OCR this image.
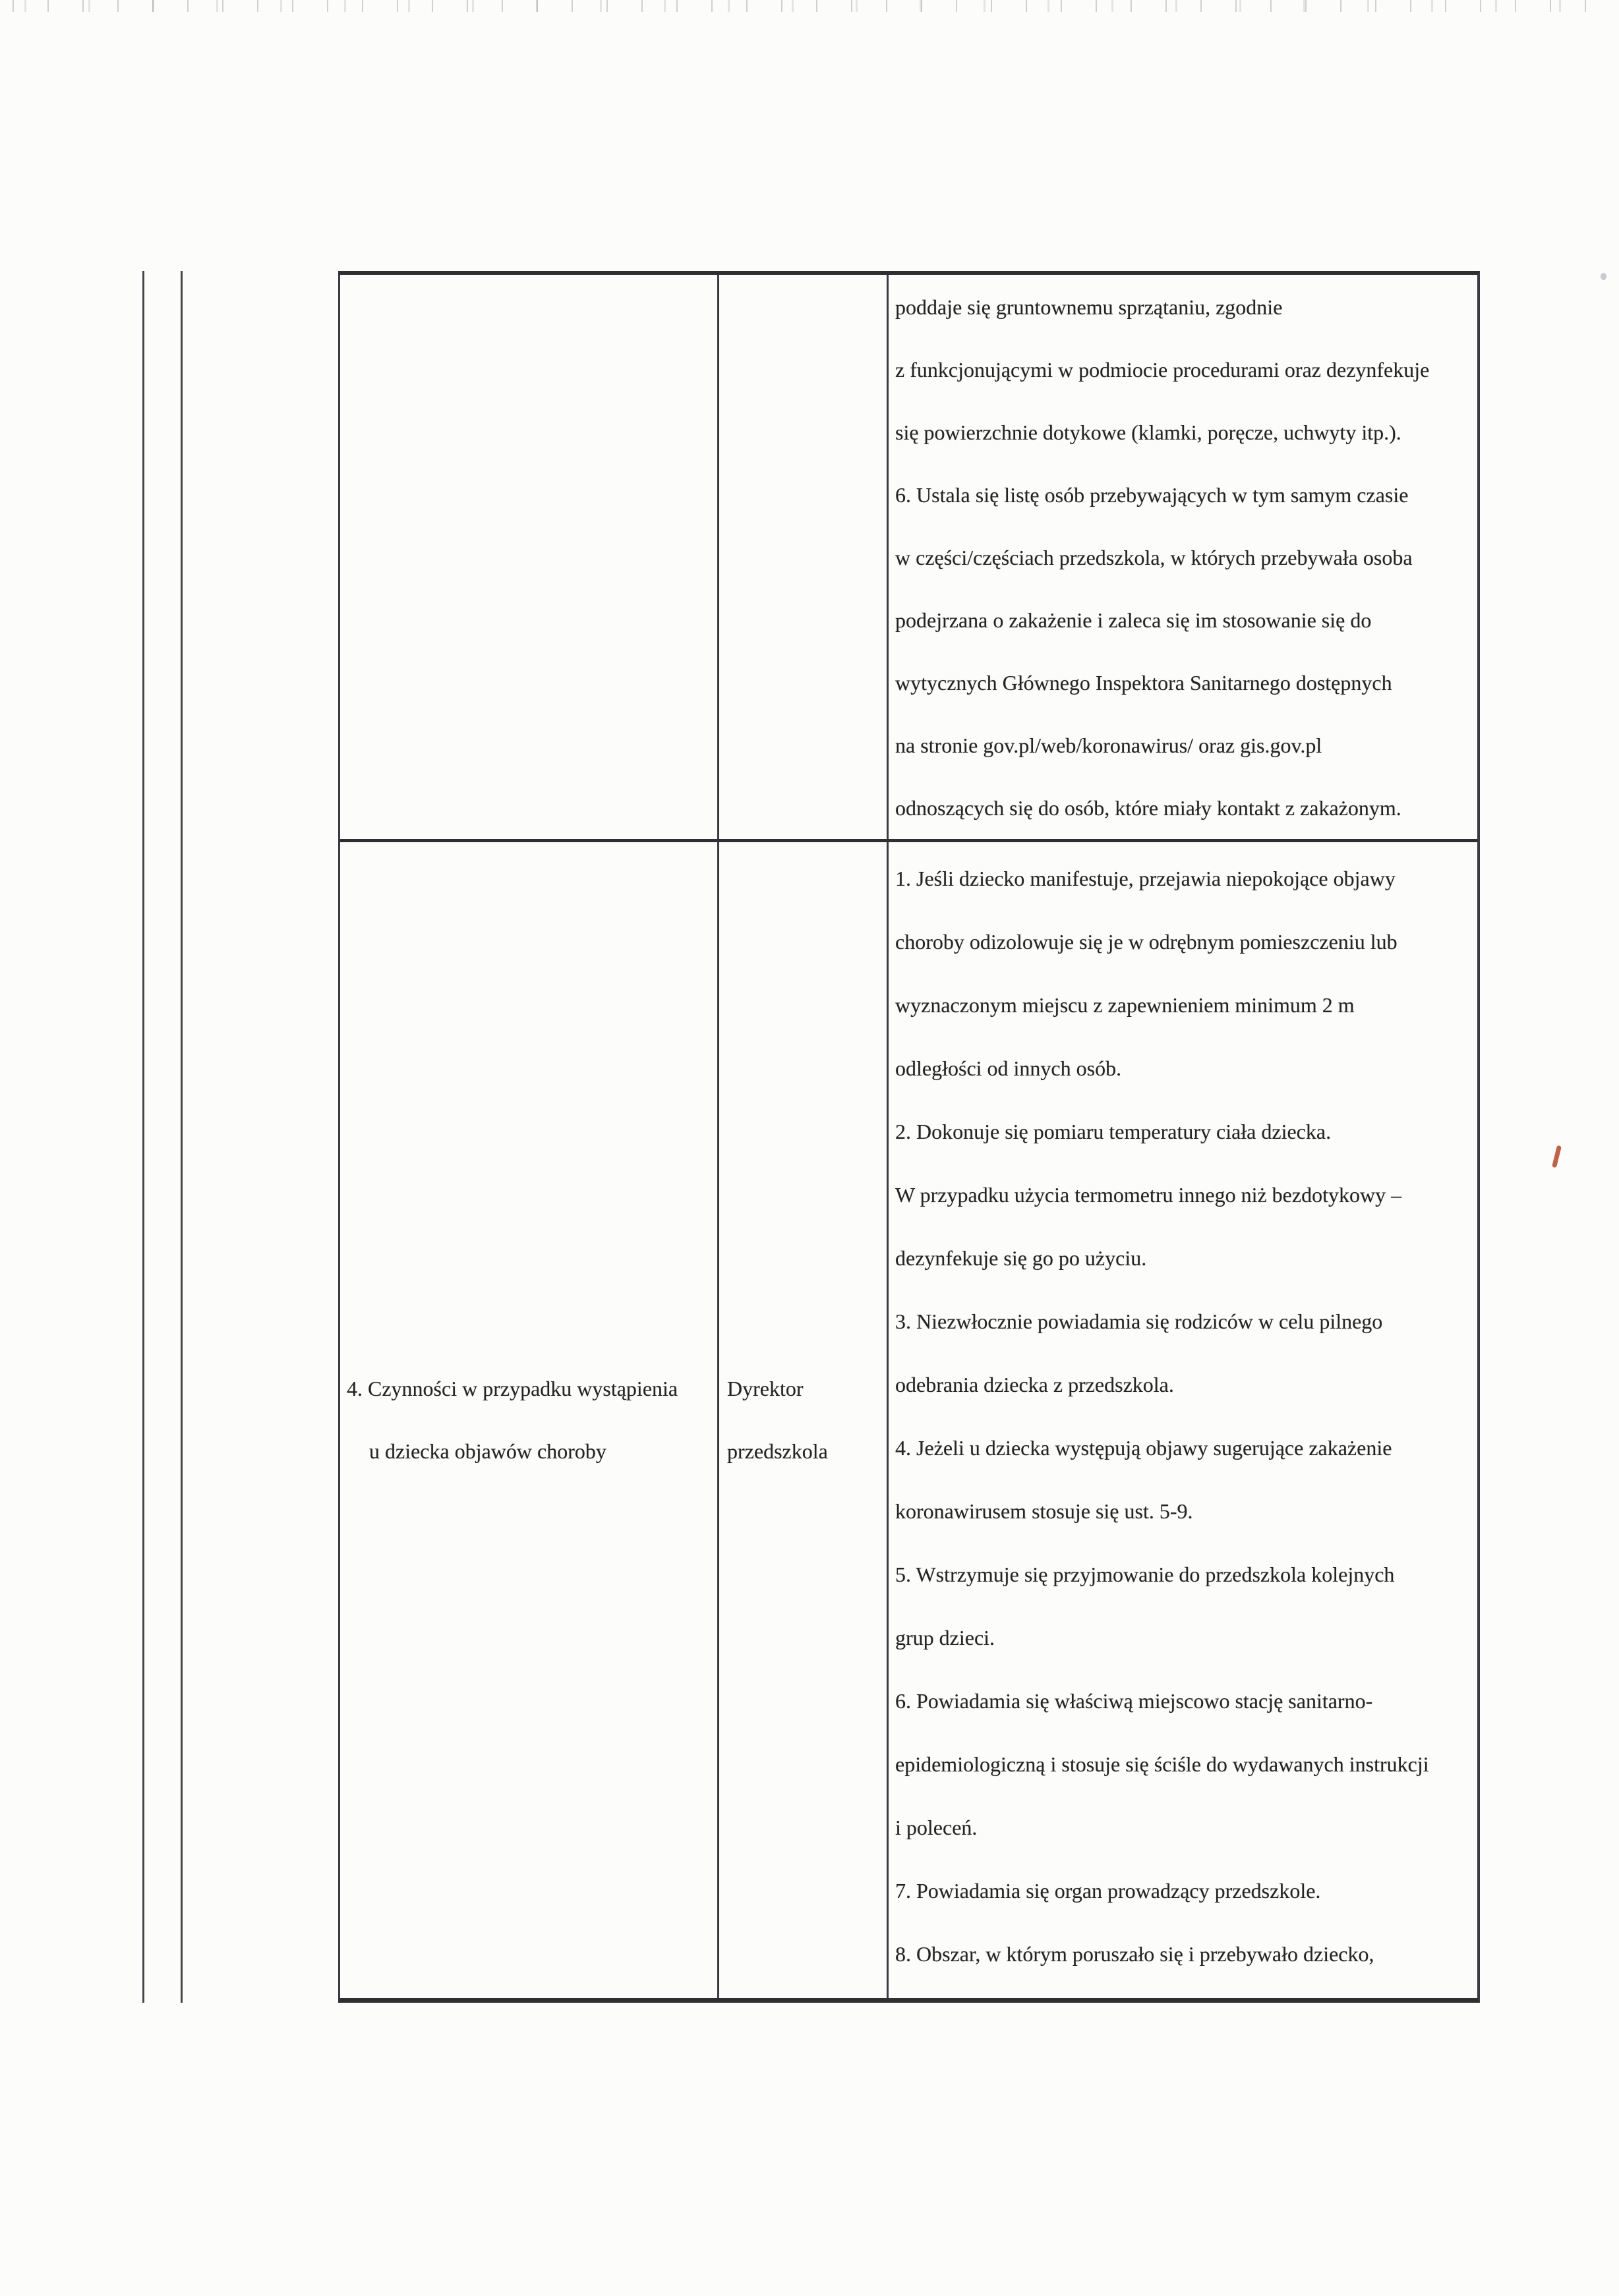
poddaje się gruntownemu sprzątaniu, zgodnie
z funkcjonującymi w podmiocie procedurami oraz dezynfekuje
się powierzchnie dotykowe (klamki, poręcze, uchwyty itp.).
6. Ustala się listę osób przebywających w tym samym czasie
w części/częściach przedszkola, w których przebywała osoba
podejrzana o zakażenie i zaleca się im stosowanie się do
wytycznych Głównego Inspektora Sanitarnego dostępnych
na stronie gov.pl/web/koronawirus/ oraz gis.gov.pl
odnoszących się do osób, które miały kontakt z zakażonym.
4. Czynności w przypadku wystąpienia
u dziecka objawów choroby
Dyrektor
przedszkola
1. Jeśli dziecko manifestuje, przejawia niepokojące objawy
choroby odizolowuje się je w odrębnym pomieszczeniu lub
wyznaczonym miejscu z zapewnieniem minimum 2 m
odległości od innych osób.
2. Dokonuje się pomiaru temperatury ciała dziecka.
W przypadku użycia termometru innego niż bezdotykowy –
dezynfekuje się go po użyciu.
3. Niezwłocznie powiadamia się rodziców w celu pilnego
odebrania dziecka z przedszkola.
4. Jeżeli u dziecka występują objawy sugerujące zakażenie
koronawirusem stosuje się ust. 5-9.
5. Wstrzymuje się przyjmowanie do przedszkola kolejnych
grup dzieci.
6. Powiadamia się właściwą miejscowo stację sanitarno-
epidemiologiczną i stosuje się ściśle do wydawanych instrukcji
i poleceń.
7. Powiadamia się organ prowadzący przedszkole.
8. Obszar, w którym poruszało się i przebywało dziecko,
